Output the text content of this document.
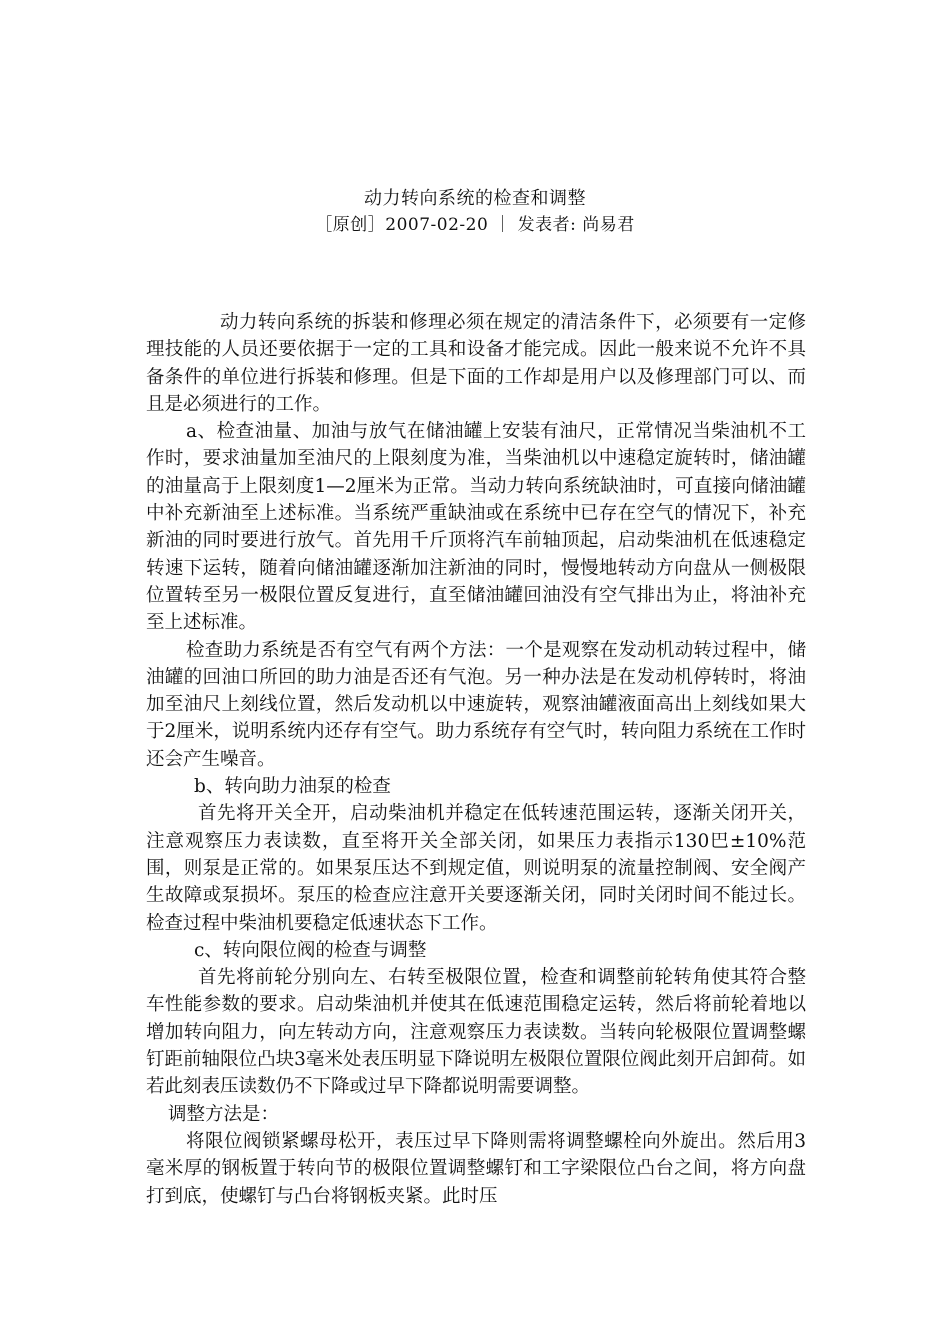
动力转向系统的检查和调整
［原创］2007-02-20 ｜ 发表者: 尚易君

动力转向系统的拆装和修理必须在规定的清洁条件下，必须要有一定修理技能的人员还要依据于一定的工具和设备才能完成。因此一般来说不允许不具备条件的单位进行拆装和修理。但是下面的工作却是用户以及修理部门可以、而且是必须进行的工作。

a、检查油量、加油与放气在储油罐上安装有油尺，正常情况当柴油机不工作时，要求油量加至油尺的上限刻度为准，当柴油机以中速稳定旋转时，储油罐的油量高于上限刻度1—2厘米为正常。当动力转向系统缺油时，可直接向储油罐中补充新油至上述标准。当系统严重缺油或在系统中已存在空气的情况下，补充新油的同时要进行放气。首先用千斤顶将汽车前轴顶起，启动柴油机在低速稳定转速下运转，随着向储油罐逐渐加注新油的同时，慢慢地转动方向盘从一侧极限位置转至另一极限位置反复进行，直至储油罐回油没有空气排出为止，将油补充至上述标准。

检查助力系统是否有空气有两个方法：一个是观察在发动机动转过程中，储油罐的回油口所回的助力油是否还有气泡。另一种办法是在发动机停转时，将油加至油尺上刻线位置，然后发动机以中速旋转，观察油罐液面高出上刻线如果大于2厘米，说明系统内还存有空气。助力系统存有空气时，转向阻力系统在工作时还会产生噪音。

b、转向助力油泵的检查

首先将开关全开，启动柴油机并稳定在低转速范围运转，逐渐关闭开关，注意观察压力表读数，直至将开关全部关闭，如果压力表指示130巴±10%范围，则泵是正常的。如果泵压达不到规定值，则说明泵的流量控制阀、安全阀产生故障或泵损坏。泵压的检查应注意开关要逐渐关闭，同时关闭时间不能过长。检查过程中柴油机要稳定低速状态下工作。

c、转向限位阀的检查与调整

首先将前轮分别向左、右转至极限位置，检查和调整前轮转角使其符合整车性能参数的要求。启动柴油机并使其在低速范围稳定运转，然后将前轮着地以增加转向阻力，向左转动方向，注意观察压力表读数。当转向轮极限位置调整螺钉距前轴限位凸块3毫米处表压明显下降说明左极限位置限位阀此刻开启卸荷。如若此刻表压读数仍不下降或过早下降都说明需要调整。

调整方法是：

将限位阀锁紧螺母松开，表压过早下降则需将调整螺栓向外旋出。然后用3毫米厚的钢板置于转向节的极限位置调整螺钉和工字梁限位凸台之间，将方向盘打到底，使螺钉与凸台将钢板夹紧。此时压
